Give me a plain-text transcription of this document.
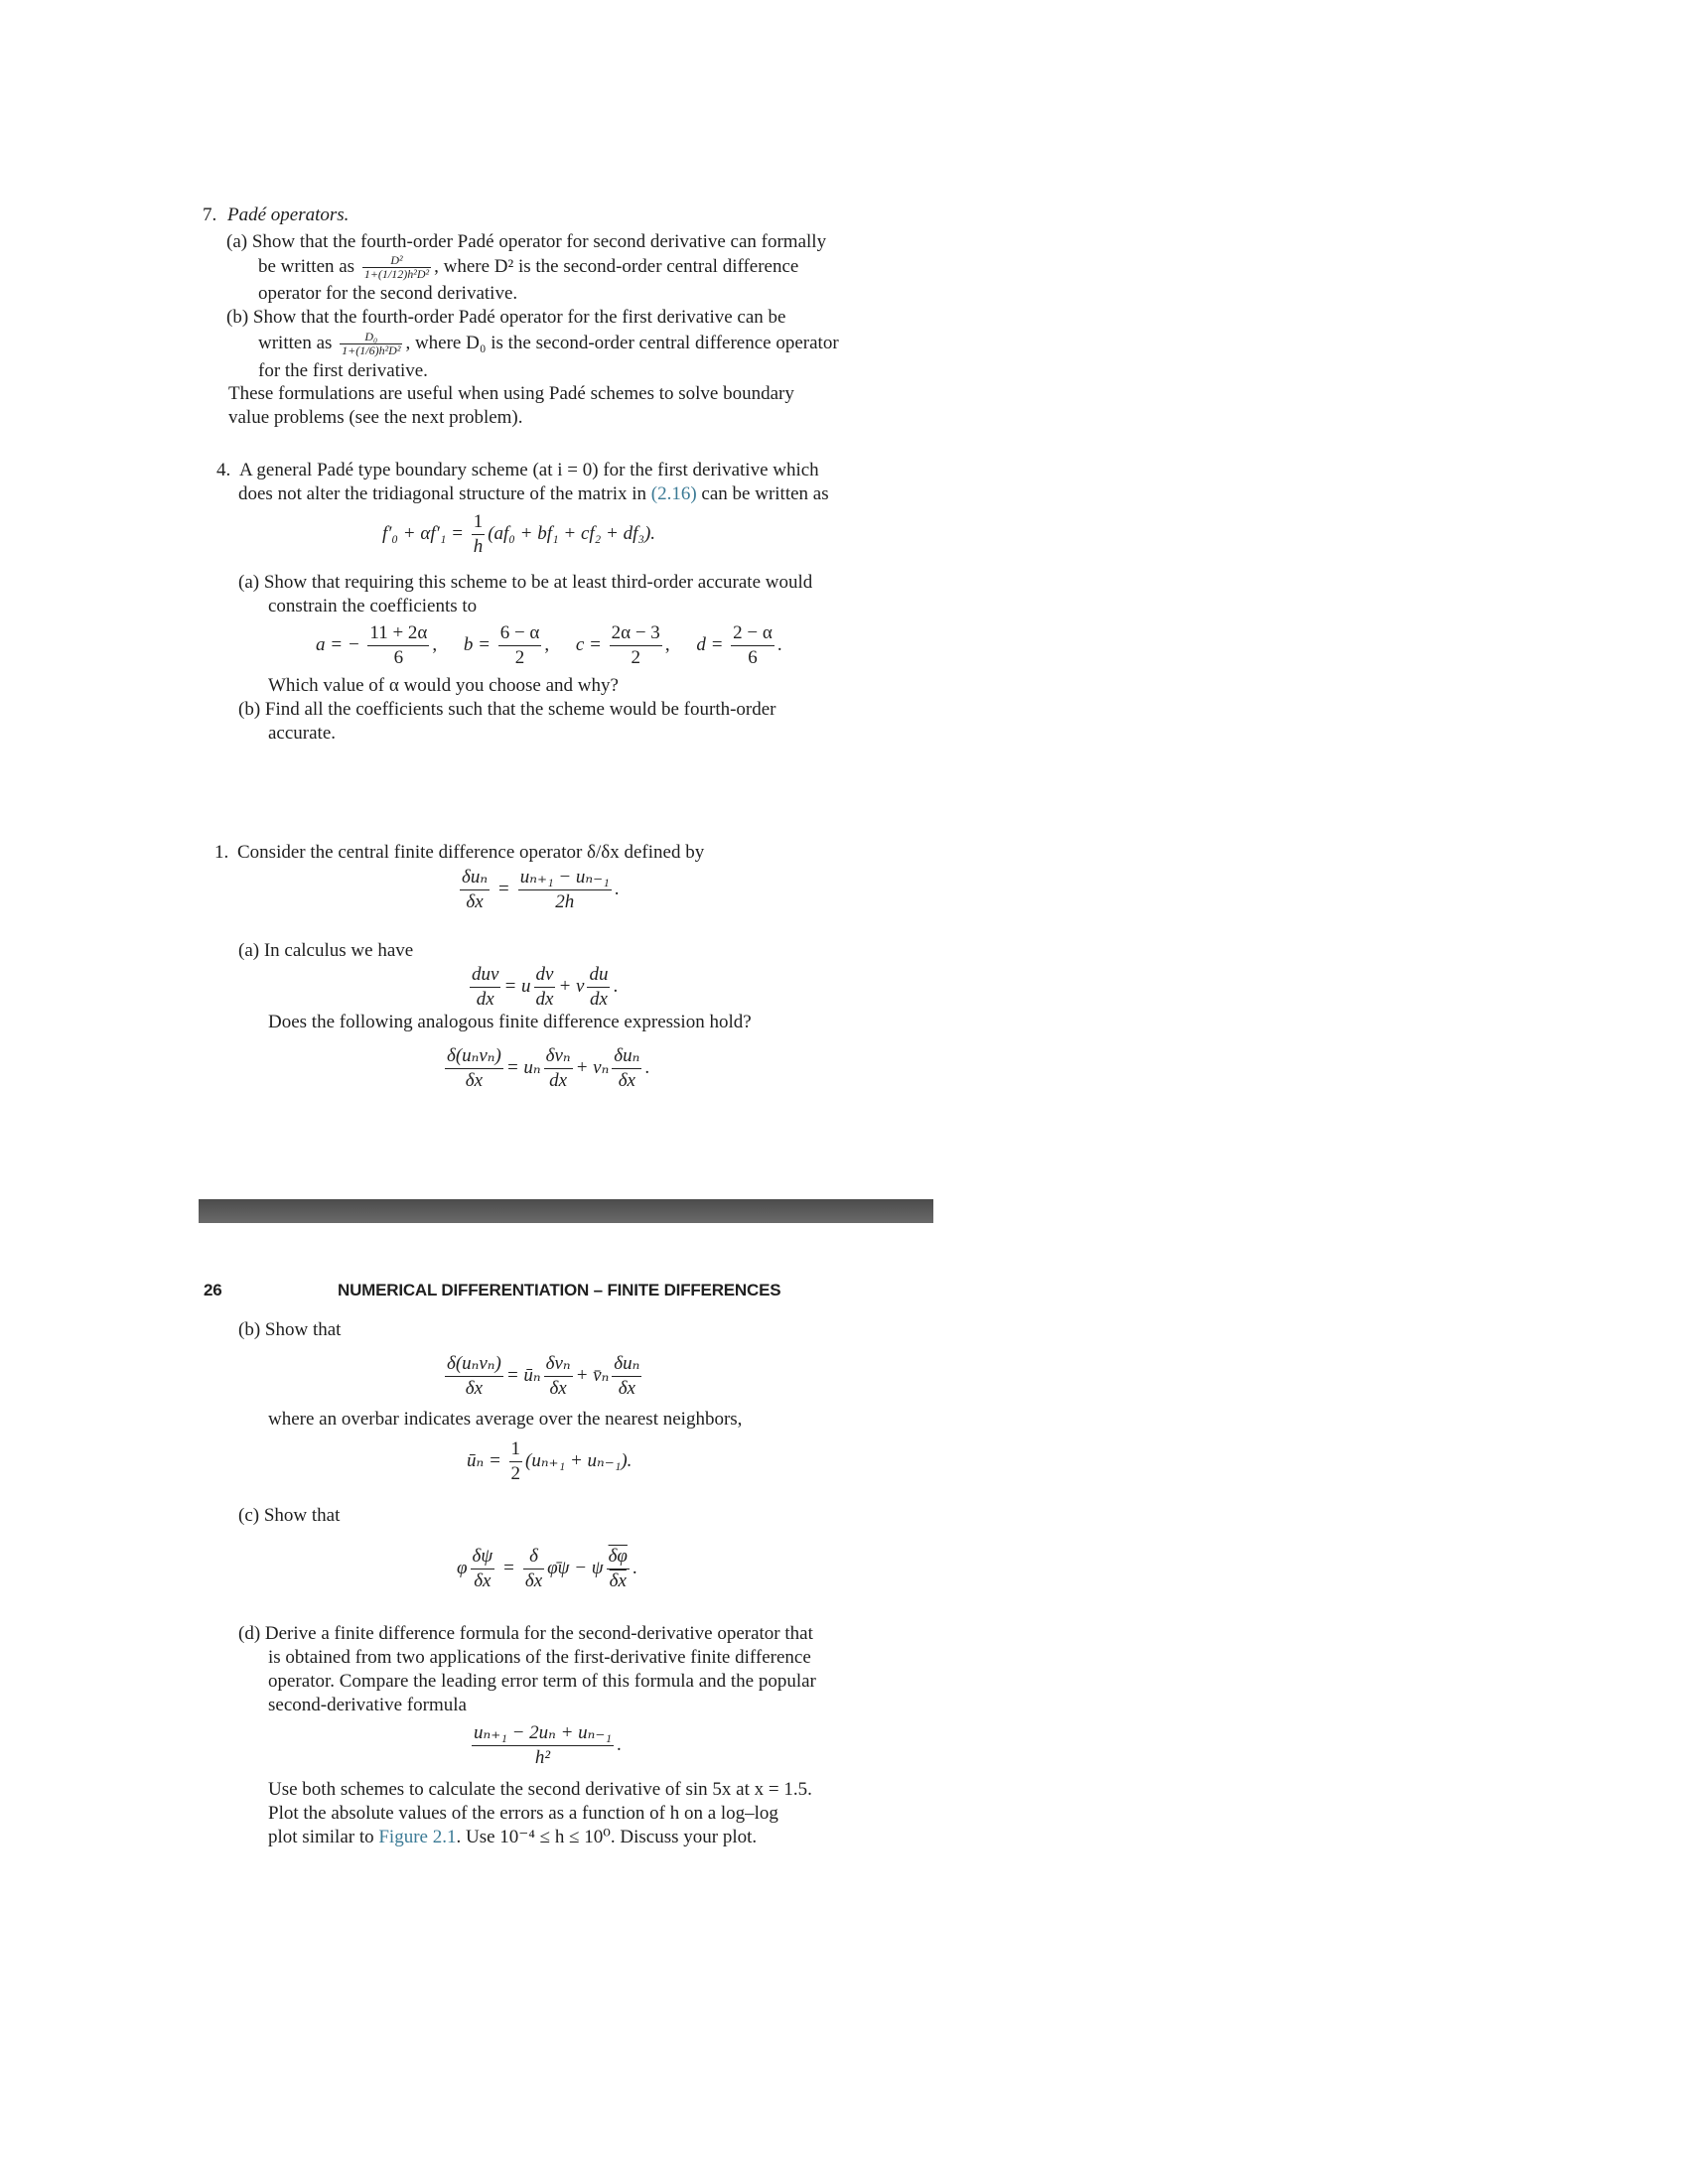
7. Padé operators.
(a) Show that the fourth-order Padé operator for second derivative can formally
be written as $\frac{\text{D²}}{\text{1+(1/12)h²D²}}$ , where D² is the second-order central difference
operator for the second derivative.
(b) Show that the fourth-order Padé operator for the first derivative can be
written as $\frac{\text{D₀}}{\text{1+(1/6)h²D²}}$ , where D₀ is the second-order central difference operator
for the first derivative.
These formulations are useful when using Padé schemes to solve boundary
value problems (see the next problem).
4. A general Padé type boundary scheme (at i = 0) for the first derivative which
does not alter the tridiagonal structure of the matrix in (2.16) can be written as
$f'_0 + \alpha f'_1 = \frac{1}{h} (af_0 + bf_1 + cf_2 + df_3)$.
(a) Show that requiring this scheme to be at least third-order accurate would
constrain the coefficients to
a = − $\frac{11 + 2\alpha}{6}$ , $b = \frac{6 - \alpha}{2}$ , $c = \frac{2\alpha - 3}{2}$ , $d = \frac{2 - \alpha}{6}$ .
Which value of α would you choose and why?
(b) Find all the coefficients such that the scheme would be fourth-order
accurate.
1. Consider the central finite difference operator δ/δx defined by
$\frac{\text{δuₙ}}{\delta x} = \frac{\text{uₙ₊₁ − uₙ₋₁}}{2h}$ .
(a) In calculus we have
$\frac{\text{duv}}{dx} = u \frac{dv}{dx} + v \frac{du}{dx}$ .
Does the following analogous finite difference expression hold?
$\frac{\text{δ(uₙvₙ)}}{\delta x} = u_n \frac{\text{δvₙ}}{dx} + v_n \frac{\text{δuₙ}}{\delta x}$ .
26	NUMERICAL DIFFERENTIATION – FINITE DIFFERENCES
(b) Show that
$\frac{\text{δ(uₙvₙ)}}{\delta x}$ = ūₙ $\frac{\text{δvₙ}}{\delta x}$ + v̄ₙ $\frac{\text{δuₙ}}{\delta x}$
where an overbar indicates average over the nearest neighbors,
ūₙ = $\frac{1}{2} (u_{n+1} + u_{n-1})$.
(c) Show that
φ $\frac{\delta\psi}{\delta x} = \frac{\delta}{\delta x}$ φ̄ψ − ψ $\frac{\delta\varphi}{\delta x}$ .
(d) Derive a finite difference formula for the second-derivative operator that
is obtained from two applications of the first-derivative finite difference
operator. Compare the leading error term of this formula and the popular
second-derivative formula
$\frac{\text{uₙ₊₁ − 2uₙ + uₙ₋₁}}{\text{h²}}$ .
Use both schemes to calculate the second derivative of sin 5x at x = 1.5.
Plot the absolute values of the errors as a function of h on a log–log
plot similar to Figure 2.1. Use 10⁻⁴ ≤ h ≤ 10⁰. Discuss your plot.
